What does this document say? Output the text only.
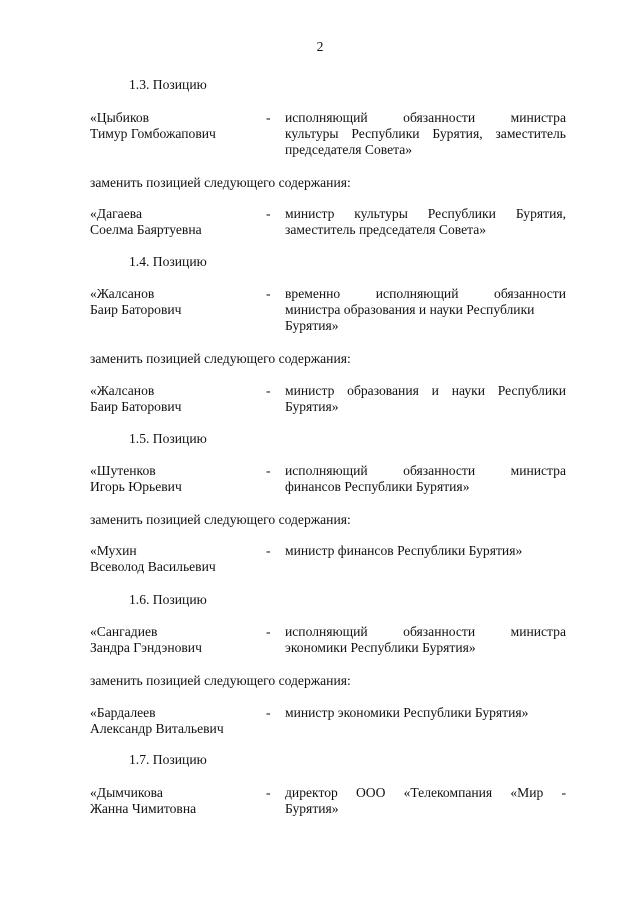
2
1.3. Позицию
«Цыбиков
Тимур Гомбожапович
- исполняющий обязанности министра
культуры Республики Бурятия, заместитель
председателя Совета»
заменить позицией следующего содержания:
«Дагаева
Соелма Баяртуевна
- министр культуры Республики Бурятия,
заместитель председателя Совета»
1.4. Позицию
«Жалсанов
Баир Баторович
- временно исполняющий обязанности
министра образования и науки Республики
Бурятия»
заменить позицией следующего содержания:
«Жалсанов
Баир Баторович
- министр образования и науки Республики
Бурятия»
1.5. Позицию
«Шутенков
Игорь Юрьевич
- исполняющий обязанности министра
финансов Республики Бурятия»
заменить позицией следующего содержания:
«Мухин
Всеволод Васильевич
- министр финансов Республики Бурятия»
1.6. Позицию
«Сангадиев
Зандра Гэндэнович
- исполняющий обязанности министра
экономики Республики Бурятия»
заменить позицией следующего содержания:
«Бардалеев
Александр Витальевич
- министр экономики Республики Бурятия»
1.7. Позицию
«Дымчикова
Жанна Чимитовна
- директор ООО «Телекомпания «Мир -
Бурятия»
